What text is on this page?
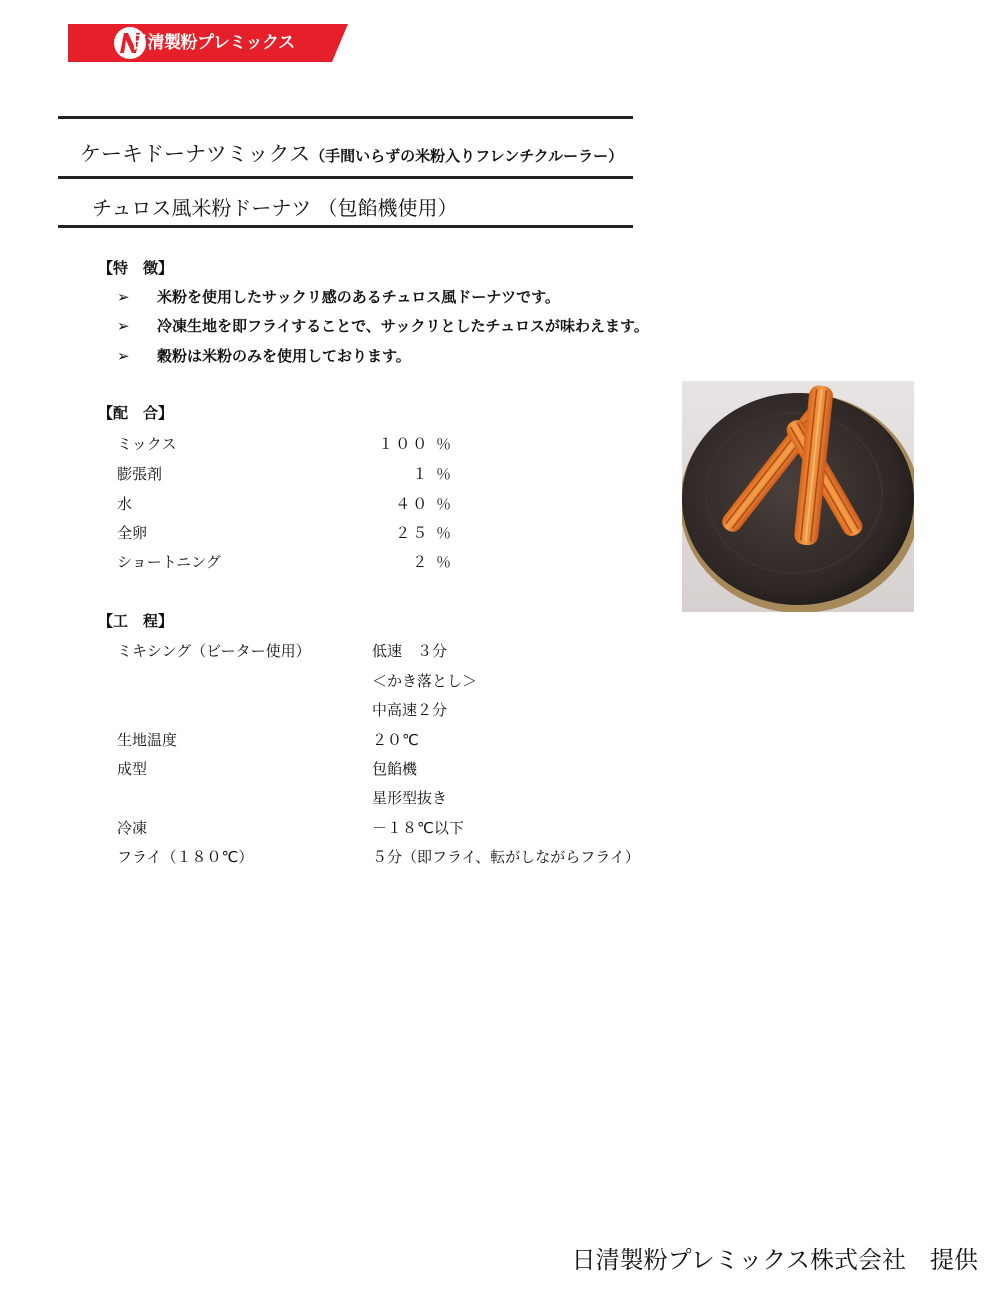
日清製粉プレミックス
ケーキドーナツミックス（手間いらずの米粉入りフレンチクルーラー）
チュロス風米粉ドーナツ （包餡機使用）
【特　徴】
➢ 米粉を使用したサックリ感のあるチュロス風ドーナツです。
➢ 冷凍生地を即フライすることで、サックリとしたチュロスが味わえます。
➢ 穀粉は米粉のみを使用しております。
【配　合】
ミックス	１００ ％
膨張剤	１ ％
水	４０ ％
全卵	２５ ％
ショートニング	２ ％
【工　程】
ミキシング（ビーター使用）	低速　３分
＜かき落とし＞
中高速２分
生地温度	２０℃
成型	包餡機
星形型抜き
冷凍	－１８℃以下
フライ（１８０℃）	５分（即フライ、転がしながらフライ）
日清製粉プレミックス株式会社　提供
